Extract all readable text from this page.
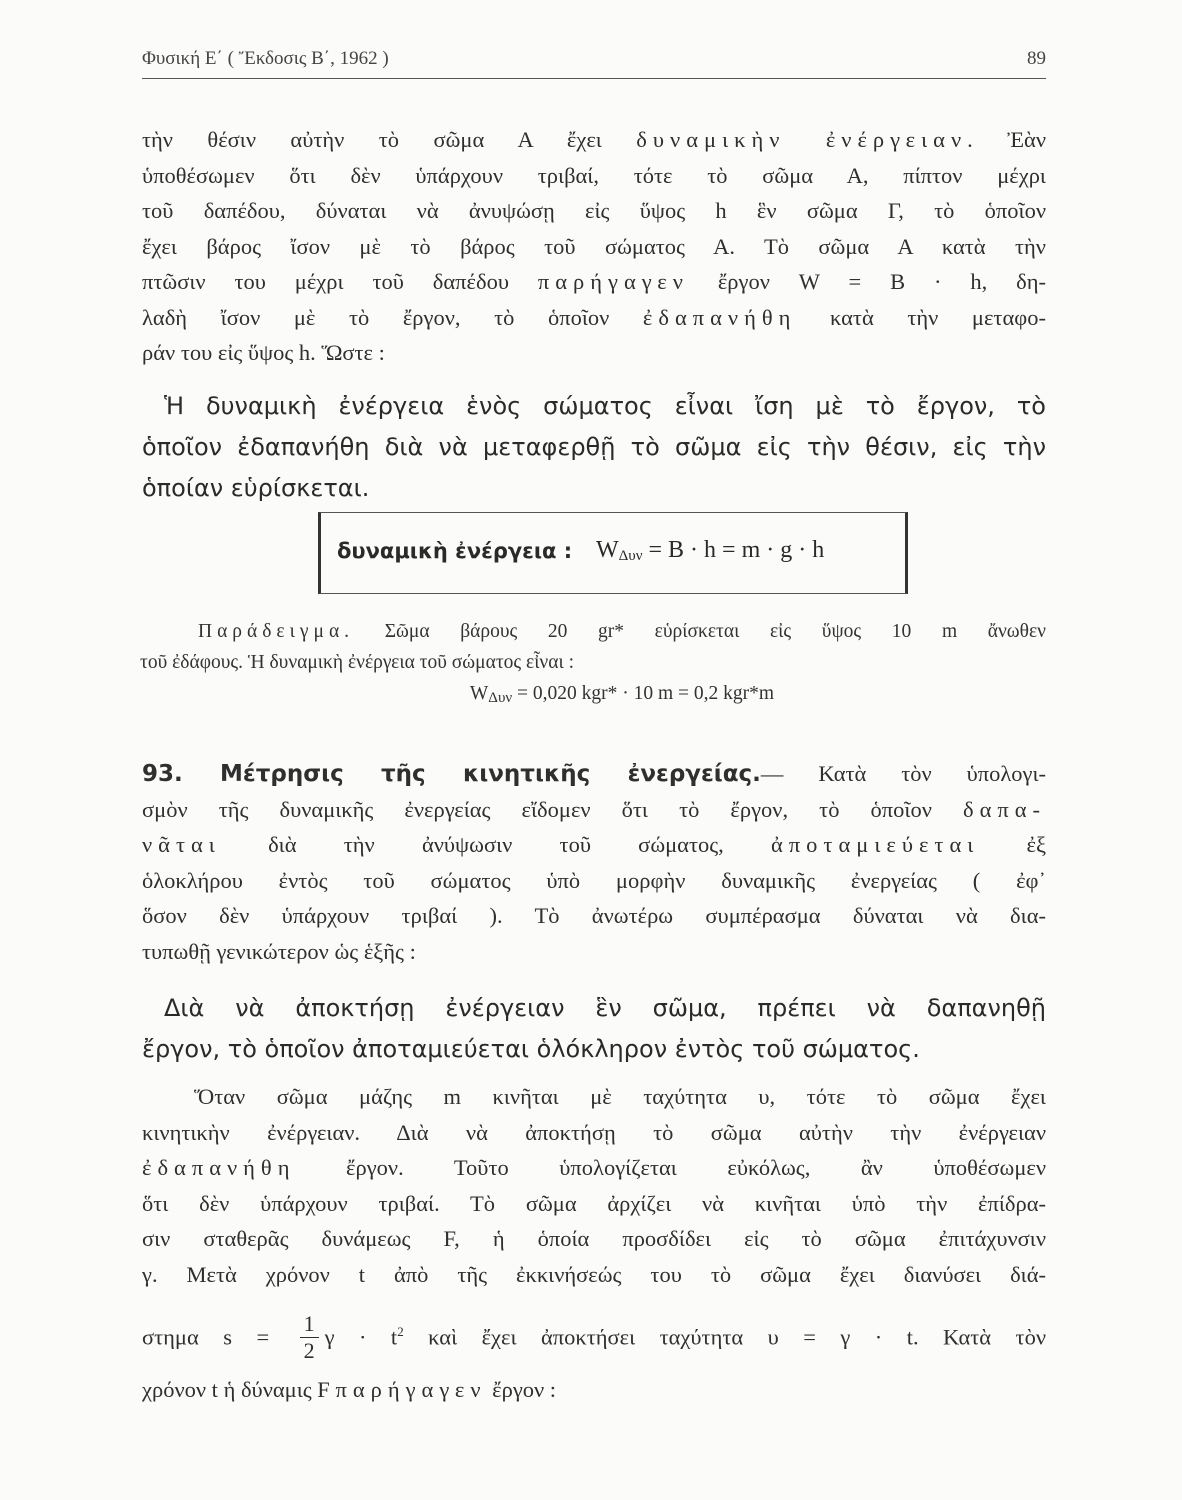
Φυσική Ε΄ ( Ἔκδοσις Β΄, 1962 )	89
τὴν θέσιν αὐτὴν τὸ σῶμα Α ἔχει δυναμικὴν ἐνέργειαν. Ἐὰν
ὑποθέσωμεν ὅτι δὲν ὑπάρχουν τριβαί, τότε τὸ σῶμα Α, πίπτον μέχρι
τοῦ δαπέδου, δύναται νὰ ἀνυψώσῃ εἰς ὕψος h ἓν σῶμα Γ, τὸ ὁποῖον
ἔχει βάρος ἴσον μὲ τὸ βάρος τοῦ σώματος Α. Τὸ σῶμα Α κατὰ τὴν
πτῶσιν του μέχρι τοῦ δαπέδου παρήγαγεν ἔργον W = B · h, δη-
λαδὴ ἴσον μὲ τὸ ἔργον, τὸ ὁποῖον ἐδαπανήθη κατὰ τὴν μεταφο-
ράν του εἰς ὕψος h. Ὥστε :
Ἡ δυναμικὴ ἐνέργεια ἑνὸς σώματος εἶναι ἴση μὲ τὸ ἔργον, τὸ
ὁποῖον ἐδαπανήθη διὰ νὰ μεταφερθῇ τὸ σῶμα εἰς τὴν θέσιν, εἰς τὴν
ὁποίαν εὑρίσκεται.
δυναμικὴ ἐνέργεια : $W_{\Delta\upsilon\nu} = B \cdot h = m \cdot g \cdot h$
Παράδειγμα. Σῶμα βάρους 20 gr* εὑρίσκεται εἰς ὕψος 10 m ἄνωθεν
τοῦ ἐδάφους. Ἡ δυναμικὴ ἐνέργεια τοῦ σώματος εἶναι :
$W_{\Delta\upsilon\nu} = 0,020$ kgr* · 10 m = 0,2 kgr*m
93. Μέτρησις τῆς κινητικῆς ἐνεργείας.— Κατὰ τὸν ὑπολογι-
σμὸν τῆς δυναμικῆς ἐνεργείας εἴδομεν ὅτι τὸ ἔργον, τὸ ὁποῖον δαπα-
νᾶται διὰ τὴν ἀνύψωσιν τοῦ σώματος, ἀποταμιεύεται ἐξ
ὁλοκλήρου ἐντὸς τοῦ σώματος ὑπὸ μορφὴν δυναμικῆς ἐνεργείας ( ἐφ᾽
ὅσον δὲν ὑπάρχουν τριβαί ). Τὸ ἀνωτέρω συμπέρασμα δύναται νὰ δια-
τυπωθῇ γενικώτερον ὡς ἑξῆς :
Διὰ νὰ ἀποκτήσῃ ἐνέργειαν ἓν σῶμα, πρέπει νὰ δαπανηθῇ
ἔργον, τὸ ὁποῖον ἀποταμιεύεται ὁλόκληρον ἐντὸς τοῦ σώματος.
Ὅταν σῶμα μάζης m κινῆται μὲ ταχύτητα υ, τότε τὸ σῶμα ἔχει
κινητικὴν ἐνέργειαν. Διὰ νὰ ἀποκτήσῃ τὸ σῶμα αὐτὴν τὴν ἐνέργειαν
ἐδαπανήθη ἔργον. Τοῦτο ὑπολογίζεται εὐκόλως, ἂν ὑποθέσωμεν
ὅτι δὲν ὑπάρχουν τριβαί. Τὸ σῶμα ἀρχίζει νὰ κινῆται ὑπὸ τὴν ἐπίδρα-
σιν σταθερᾶς δυνάμεως F, ἡ ὁποία προσδίδει εἰς τὸ σῶμα ἐπιτάχυνσιν
γ. Μετὰ χρόνον t ἀπὸ τῆς ἐκκινήσεώς του τὸ σῶμα ἔχει διανύσει διά-
στημα $s = \frac{1}{2}$ $\gamma \cdot t^2$ καὶ ἔχει ἀποκτήσει ταχύτητα υ = γ · t. Κατὰ τὸν
χρόνον t ἡ δύναμις F παρήγαγεν ἔργον :
